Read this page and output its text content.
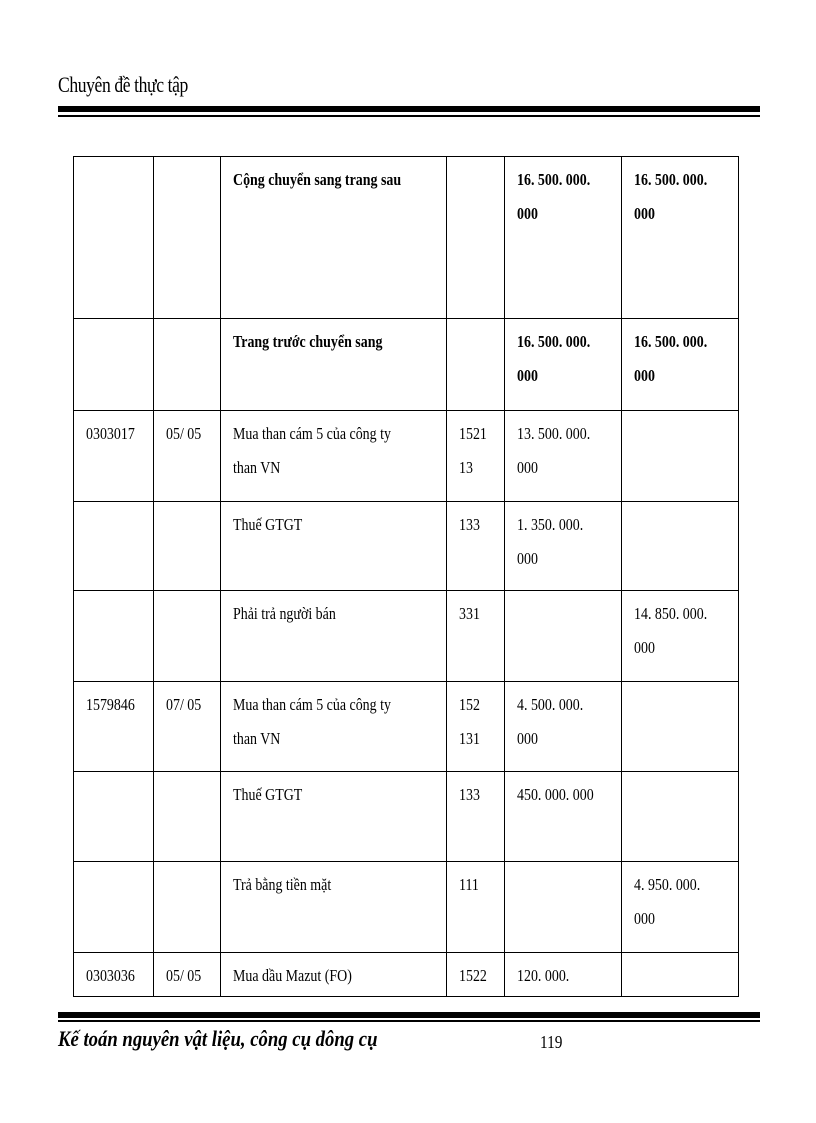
Chuyên đề thực tập
		Cộng chuyển sang trang sau		16. 500. 000. 000	16. 500. 000. 000
		Trang trước chuyển sang		16. 500. 000. 000	16. 500. 000. 000
0303017	05/ 05	Mua than cám 5 của công ty than VN	1521 13	13. 500. 000. 000	
		Thuế GTGT	133	1. 350. 000. 000	
		Phải trả người bán	331		14. 850. 000. 000
1579846	07/ 05	Mua than cám 5 của công ty than VN	152 131	4. 500. 000. 000	
		Thuế GTGT	133	450. 000. 000	
		Trả bằng tiền mặt	111		4. 950. 000. 000
0303036	05/ 05	Mua dầu Mazut (FO)	1522	120. 000.	
Kế toán nguyên vật liệu, công cụ dông cụ	119
